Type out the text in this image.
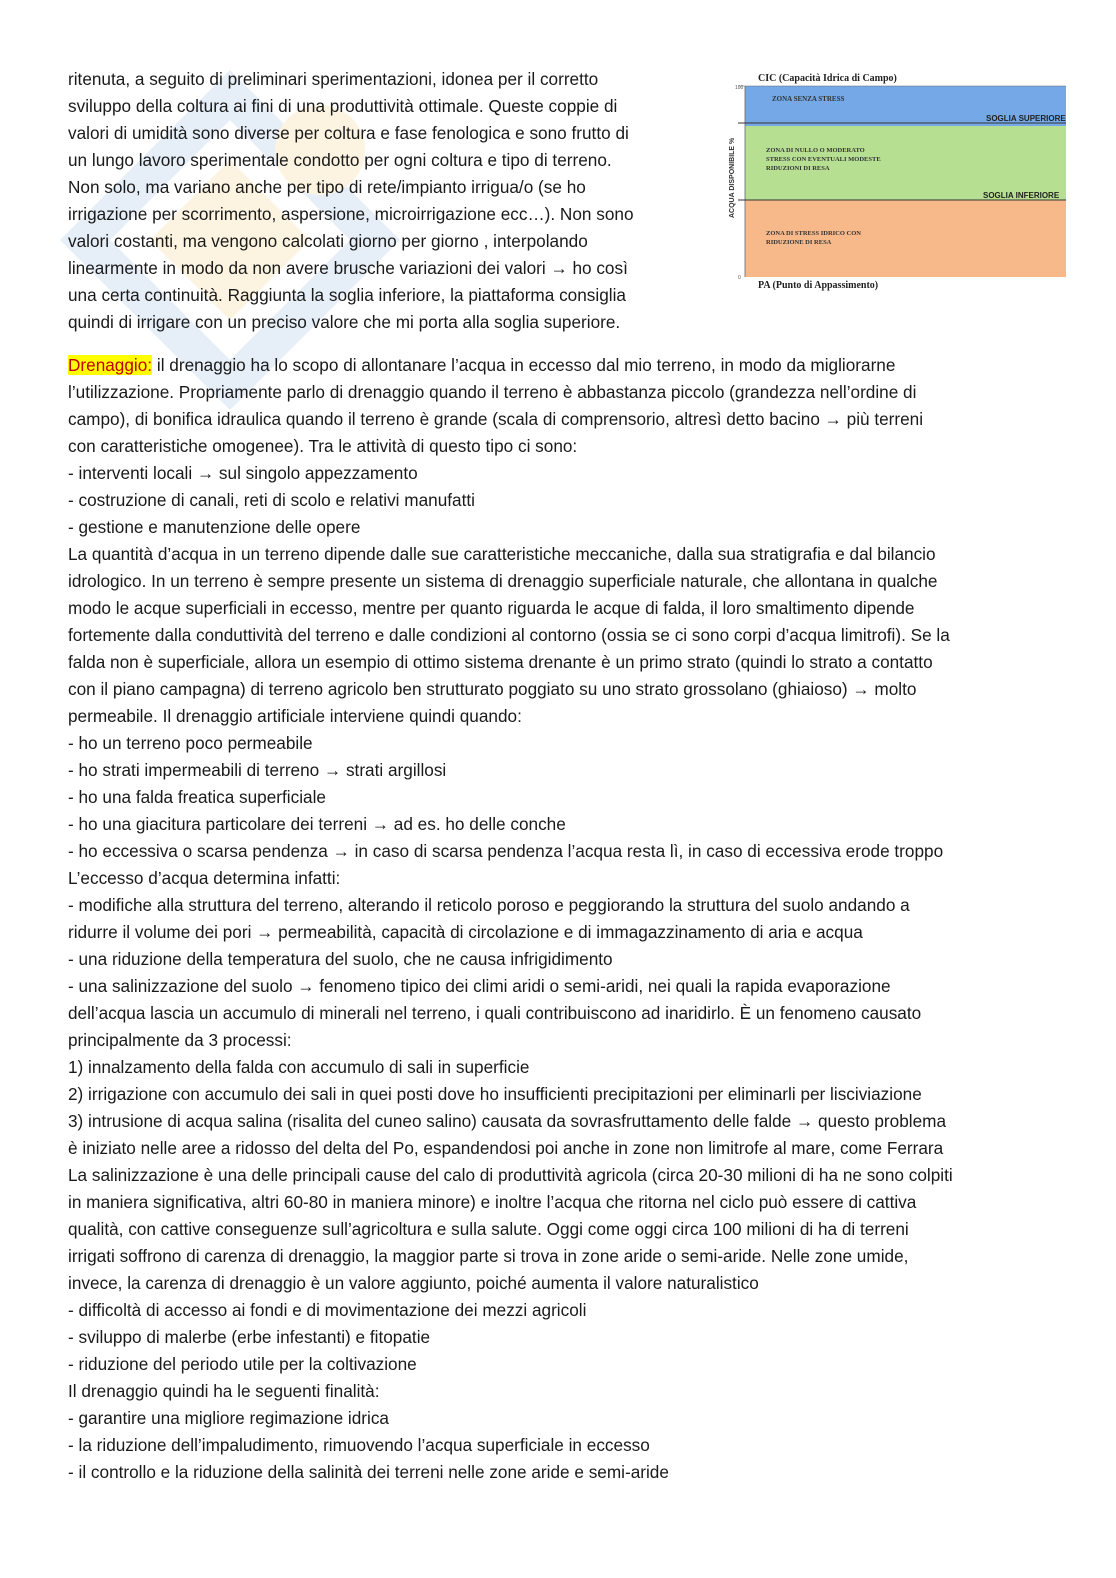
ritenuta, a seguito di preliminari sperimentazioni, idonea per il corretto
sviluppo della coltura ai fini di una produttività ottimale. Queste coppie di
valori di umidità sono diverse per coltura e fase fenologica e sono frutto di
un lungo lavoro sperimentale condotto per ogni coltura e tipo di terreno.
Non solo, ma variano anche per tipo di rete/impianto irrigua/o (se ho
irrigazione per scorrimento, aspersione, microirrigazione ecc…). Non sono
valori costanti, ma vengono calcolati giorno per giorno , interpolando
linearmente in modo da non avere brusche variazioni dei valori → ho così
una certa continuità. Raggiunta la soglia inferiore, la piattaforma consiglia
quindi di irrigare con un preciso valore che mi porta alla soglia superiore.
CIC (Capacità Idrica di Campo)
100
ZONA SENZA STRESS
SOGLIA SUPERIORE
ZONA DI NULLO O MODERATO
STRESS CON EVENTUALI MODESTE
RIDUZIONI DI RESA
SOGLIA INFERIORE
ZONA DI STRESS IDRICO CON
RIDUZIONE DI RESA
0
PA (Punto di Appassimento)
ACQUA DISPONIBILE %

Drenaggio: il drenaggio ha lo scopo di allontanare l’acqua in eccesso dal mio terreno, in modo da migliorarne

l’utilizzazione. Propriamente parlo di drenaggio quando il terreno è abbastanza piccolo (grandezza nell’ordine di

campo), di bonifica idraulica quando il terreno è grande (scala di comprensorio, altresì detto bacino → più terreni

con caratteristiche omogenee). Tra le attività di questo tipo ci sono:

- interventi locali → sul singolo appezzamento

- costruzione di canali, reti di scolo e relativi manufatti

- gestione e manutenzione delle opere

La quantità d’acqua in un terreno dipende dalle sue caratteristiche meccaniche, dalla sua stratigrafia e dal bilancio

idrologico. In un terreno è sempre presente un sistema di drenaggio superficiale naturale, che allontana in qualche

modo le acque superficiali in eccesso, mentre per quanto riguarda le acque di falda, il loro smaltimento dipende

fortemente dalla conduttività del terreno e dalle condizioni al contorno (ossia se ci sono corpi d’acqua limitrofi). Se la

falda non è superficiale, allora un esempio di ottimo sistema drenante è un primo strato (quindi lo strato a contatto

con il piano campagna) di terreno agricolo ben strutturato poggiato su uno strato grossolano (ghiaioso) → molto

permeabile. Il drenaggio artificiale interviene quindi quando:

- ho un terreno poco permeabile

- ho strati impermeabili di terreno → strati argillosi

- ho una falda freatica superficiale

- ho una giacitura particolare dei terreni → ad es. ho delle conche

- ho eccessiva o scarsa pendenza → in caso di scarsa pendenza l’acqua resta lì, in caso di eccessiva erode troppo

L’eccesso d’acqua determina infatti:

- modifiche alla struttura del terreno, alterando il reticolo poroso e peggiorando la struttura del suolo andando a

ridurre il volume dei pori → permeabilità, capacità di circolazione e di immagazzinamento di aria e acqua

- una riduzione della temperatura del suolo, che ne causa infrigidimento

- una salinizzazione del suolo → fenomeno tipico dei climi aridi o semi-aridi, nei quali la rapida evaporazione

dell’acqua lascia un accumulo di minerali nel terreno, i quali contribuiscono ad inaridirlo. È un fenomeno causato

principalmente da 3 processi:

1) innalzamento della falda con accumulo di sali in superficie

2) irrigazione con accumulo dei sali in quei posti dove ho insufficienti precipitazioni per eliminarli per lisciviazione

3) intrusione di acqua salina (risalita del cuneo salino) causata da sovrasfruttamento delle falde → questo problema

è iniziato nelle aree a ridosso del delta del Po, espandendosi poi anche in zone non limitrofe al mare, come Ferrara

La salinizzazione è una delle principali cause del calo di produttività agricola (circa 20-30 milioni di ha ne sono colpiti

in maniera significativa, altri 60-80 in maniera minore) e inoltre l’acqua che ritorna nel ciclo può essere di cattiva

qualità, con cattive conseguenze sull’agricoltura e sulla salute. Oggi come oggi circa 100 milioni di ha di terreni

irrigati soffrono di carenza di drenaggio, la maggior parte si trova in zone aride o semi-aride. Nelle zone umide,

invece, la carenza di drenaggio è un valore aggiunto, poiché aumenta il valore naturalistico

- difficoltà di accesso ai fondi e di movimentazione dei mezzi agricoli

- sviluppo di malerbe (erbe infestanti) e fitopatie

- riduzione del periodo utile per la coltivazione

Il drenaggio quindi ha le seguenti finalità:

- garantire una migliore regimazione idrica

- la riduzione dell’impaludimento, rimuovendo l’acqua superficiale in eccesso

- il controllo e la riduzione della salinità dei terreni nelle zone aride e semi-aride
